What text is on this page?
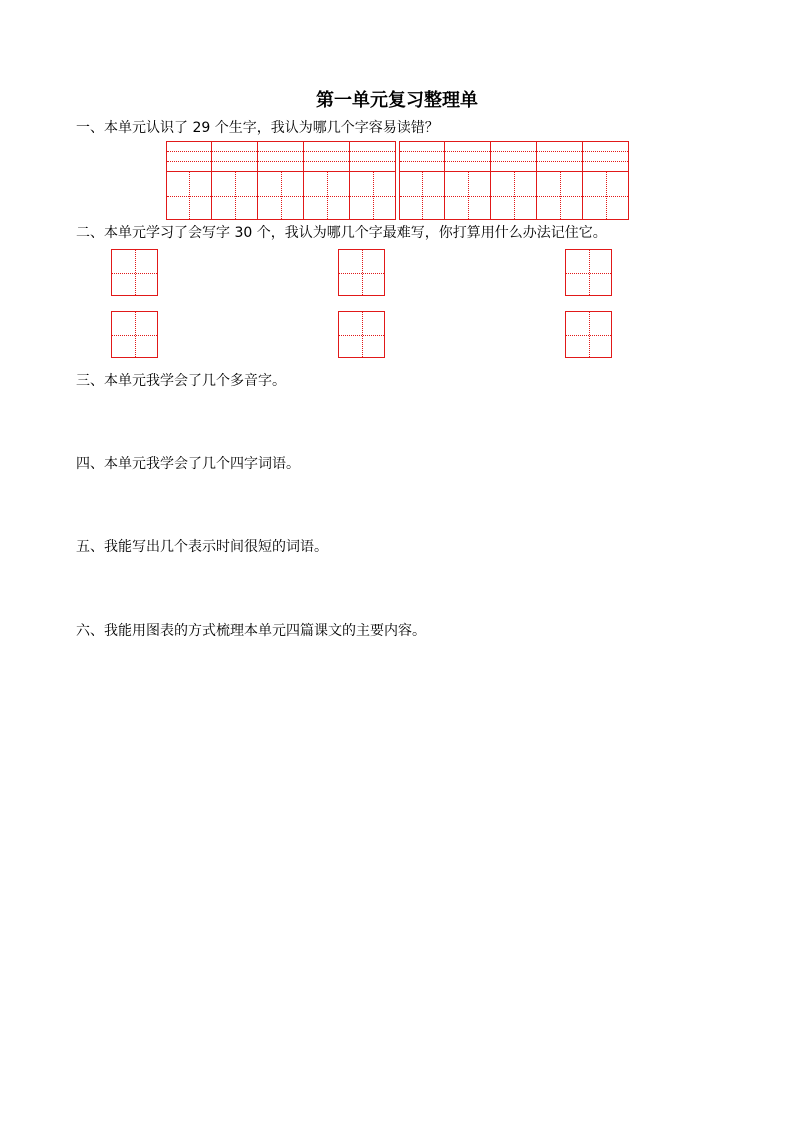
第一单元复习整理单
一、本单元认识了 29 个生字，我认为哪几个字容易读错？
二、本单元学习了会写字 30 个，我认为哪几个字最难写，你打算用什么办法记住它。
三、本单元我学会了几个多音字。
四、本单元我学会了几个四字词语。
五、我能写出几个表示时间很短的词语。
六、我能用图表的方式梳理本单元四篇课文的主要内容。
